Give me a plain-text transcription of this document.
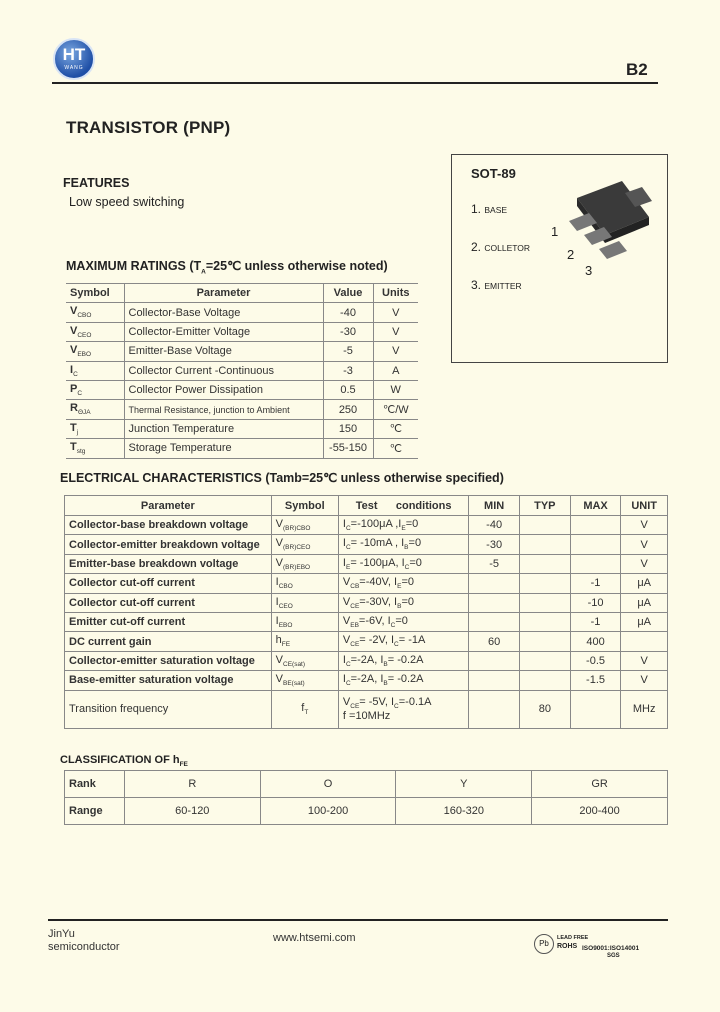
HT
WANG	B2
TRANSISTOR (PNP)
FEATURES
Low speed switching
SOT-89
1. BASE
2. COLLETOR
3. EMITTER
1
2
3
MAXIMUM RATINGS ($T_A=25℃$ unless otherwise noted)
Symbol	Parameter	Value	Units
$V_{CBO}$	Collector-Base Voltage	-40	V
$V_{CEO}$	Collector-Emitter Voltage	-30	V
$V_{EBO}$	Emitter-Base Voltage	-5	V
$I_C$	Collector Current -Continuous	-3	A
$P_C$	Collector Power Dissipation	0.5	W
$R_{\Theta JA}$	Thermal Resistance, junction to Ambient	250	℃/W
$T_j$	Junction Temperature	150	℃
$T_{stg}$	Storage Temperature	-55-150	℃
ELECTRICAL CHARACTERISTICS (Tamb=25℃ unless otherwise specified)
Parameter	Symbol	Test      conditions	MIN	TYP	MAX	UNIT
Collector-base breakdown voltage	$V_{(BR)CBO}$	$I_C=-100\mu A$ $,I_E=0$	-40			V
Collector-emitter breakdown voltage	$V_{(BR)CEO}$	$I_C= -10mA$ , $I_B=0$	-30			V
Emitter-base breakdown voltage	$V_{(BR)EBO}$	$I_E= -100\mu A$, $I_C=0$	-5			V
Collector cut-off current	$I_{CBO}$	$V_{CB}=-40V$, $I_E=0$			-1	μA
Collector cut-off current	$I_{CEO}$	$V_{CE}=-30V$, $I_B=0$			-10	μA
Emitter cut-off current	$I_{EBO}$	$V_{EB}=-6V$, $I_C=0$			-1	μA
DC current gain	$h_{FE}$	$V_{CE}= -2V$, $I_C= -1A$	60		400	
Collector-emitter saturation voltage	$V_{CE(sat)}$	$I_C=-2A$, $I_B= -0.2A$			-0.5	V
Base-emitter saturation voltage	$V_{BE(sat)}$	$I_C=-2A$, $I_B= -0.2A$			-1.5	V
Transition frequency	$f_T$	$V_{CE}= -5V$, $I_C=-0.1A$
f =10MHz		80		MHz
CLASSIFICATION OF $h_{FE}$
Rank	R	O	Y	GR
Range	60-120	100-200	160-320	200-400
JinYu
semiconductor
www.htsemi.com	Pb
LEAD FREE
ROHS ISO9001:ISO14001
SGS
